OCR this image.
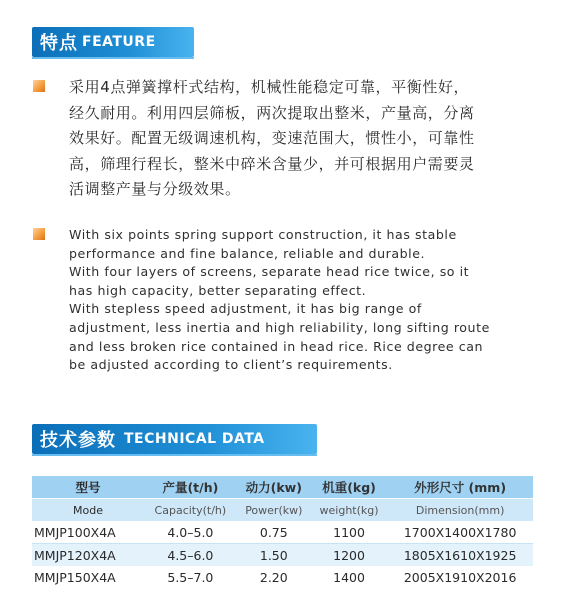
特点 FEATURE
采用4点弹簧撑杆式结构，机械性能稳定可靠，平衡性好，
经久耐用。利用四层筛板，两次提取出整米，产量高，分离
效果好。配置无级调速机构，变速范围大，惯性小，可靠性
高，筛理行程长，整米中碎米含量少，并可根据用户需要灵
活调整产量与分级效果。
With six points spring support construction, it has stable
performance and fine balance, reliable and durable.
With four layers of screens, separate head rice twice, so it
has high capacity, better separating effect.
With stepless speed adjustment, it has big range of
adjustment, less inertia and high reliability, long sifting route
and less broken rice contained in head rice. Rice degree can
be adjusted according to client’s requirements.
技术参数 TECHNICAL DATA
型号	产量(t/h)	动力(kw)	机重(kg)	外形尺寸 (mm)
Mode	Capacity(t/h)	Power(kw)	weight(kg)	Dimension(mm)
MMJP100X4A	4.0–5.0	0.75	1100	1700X1400X1780
MMJP120X4A	4.5–6.0	1.50	1200	1805X1610X1925
MMJP150X4A	5.5–7.0	2.20	1400	2005X1910X2016
